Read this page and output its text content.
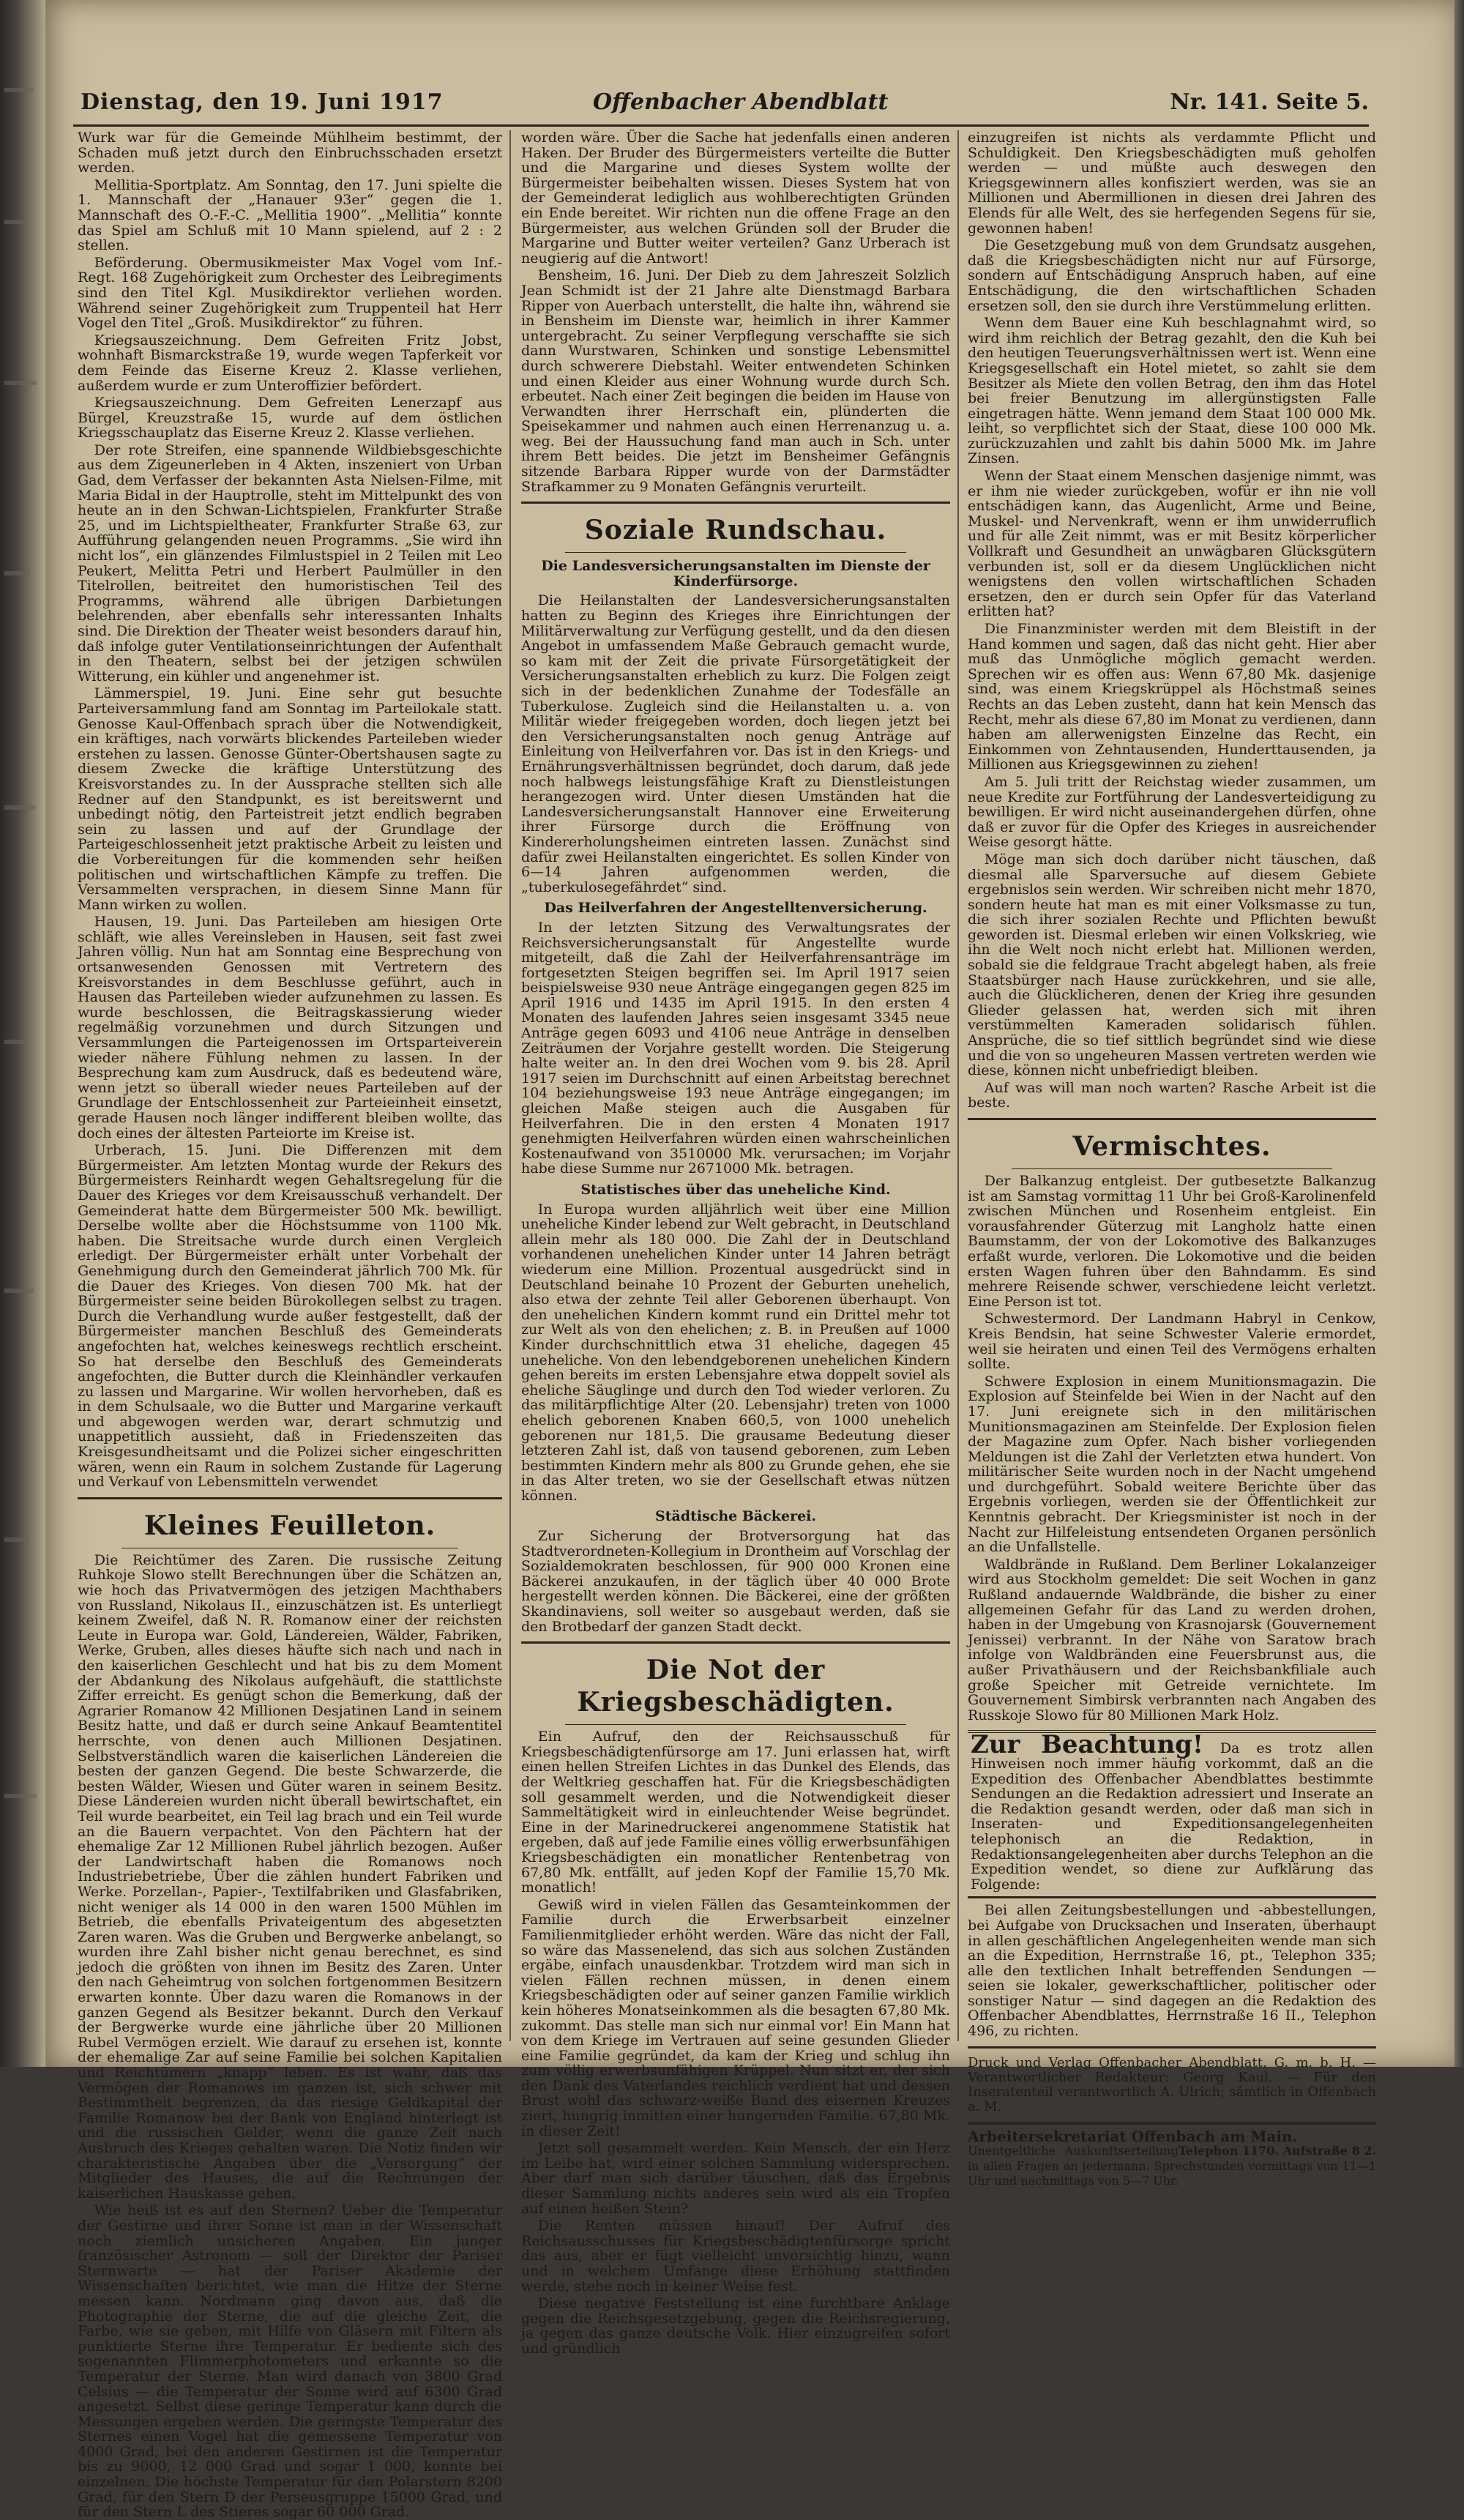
Dienstag, den 19. Juni 1917	Offenbacher Abendblatt	Nr. 141. Seite 5.

Wurk war für die Gemeinde Mühlheim bestimmt, der Schaden muß jetzt durch den Einbruchsschaden ersetzt werden.

Mellitia-Sportplatz. Am Sonntag, den 17. Juni spielte die 1. Mannschaft der „Hanauer 93er“ gegen die 1. Mannschaft des O.-F.-C. „Mellitia 1900“. „Mellitia“ konnte das Spiel am Schluß mit 10 Mann spielend, auf 2 : 2 stellen.

Beförderung. Obermusikmeister Max Vogel vom Inf.-Regt. 168 Zugehörigkeit zum Orchester des Leibregiments sind den Titel Kgl. Musikdirektor verliehen worden. Während seiner Zugehörigkeit zum Truppenteil hat Herr Vogel den Titel „Groß. Musikdirektor“ zu führen.

Kriegsauszeichnung. Dem Gefreiten Fritz Jobst, wohnhaft Bismarckstraße 19, wurde wegen Tapferkeit vor dem Feinde das Eiserne Kreuz 2. Klasse verliehen, außerdem wurde er zum Unteroffizier befördert.

Kriegsauszeichnung. Dem Gefreiten Lenerzapf aus Bürgel, Kreuzstraße 15, wurde auf dem östlichen Kriegsschauplatz das Eiserne Kreuz 2. Klasse verliehen.

Der rote Streifen, eine spannende Wildbiebsgeschichte aus dem Zigeunerleben in 4 Akten, inszeniert von Urban Gad, dem Verfasser der bekannten Asta Nielsen-Filme, mit Maria Bidal in der Hauptrolle, steht im Mittelpunkt des von heute an in den Schwan-Lichtspielen, Frankfurter Straße 25, und im Lichtspieltheater, Frankfurter Straße 63, zur Aufführung gelangenden neuen Programms. „Sie wird ihn nicht los“, ein glänzendes Filmlustspiel in 2 Teilen mit Leo Peukert, Melitta Petri und Herbert Paulmüller in den Titelrollen, beitreitet den humoristischen Teil des Programms, während alle übrigen Darbietungen belehrenden, aber ebenfalls sehr interessanten Inhalts sind. Die Direktion der Theater weist besonders darauf hin, daß infolge guter Ventilationseinrichtungen der Aufenthalt in den Theatern, selbst bei der jetzigen schwülen Witterung, ein kühler und angenehmer ist.

Lämmerspiel, 19. Juni. Eine sehr gut besuchte Parteiversammlung fand am Sonntag im Parteilokale statt. Genosse Kaul-Offenbach sprach über die Notwendigkeit, ein kräftiges, nach vorwärts blickendes Parteileben wieder erstehen zu lassen. Genosse Günter-Obertshausen sagte zu diesem Zwecke die kräftige Unterstützung des Kreisvorstandes zu. In der Aussprache stellten sich alle Redner auf den Standpunkt, es ist bereitswernt und unbedingt nötig, den Parteistreit jetzt endlich begraben sein zu lassen und auf der Grundlage der Parteigeschlossenheit jetzt praktische Arbeit zu leisten und die Vorbereitungen für die kommenden sehr heißen politischen und wirtschaftlichen Kämpfe zu treffen. Die Versammelten versprachen, in diesem Sinne Mann für Mann wirken zu wollen.

Hausen, 19. Juni. Das Parteileben am hiesigen Orte schläft, wie alles Vereinsleben in Hausen, seit fast zwei Jahren völlig. Nun hat am Sonntag eine Besprechung von ortsanwesenden Genossen mit Vertretern des Kreisvorstandes in dem Beschlusse geführt, auch in Hausen das Parteileben wieder aufzunehmen zu lassen. Es wurde beschlossen, die Beitragskassierung wieder regelmäßig vorzunehmen und durch Sitzungen und Versammlungen die Parteigenossen im Ortsparteiverein wieder nähere Fühlung nehmen zu lassen. In der Besprechung kam zum Ausdruck, daß es bedeutend wäre, wenn jetzt so überall wieder neues Parteileben auf der Grundlage der Entschlossenheit zur Parteieinheit einsetzt, gerade Hausen noch länger indifferent bleiben wollte, das doch eines der ältesten Parteiorte im Kreise ist.

Urberach, 15. Juni. Die Differenzen mit dem Bürgermeister. Am letzten Montag wurde der Rekurs des Bürgermeisters Reinhardt wegen Gehaltsregelung für die Dauer des Krieges vor dem Kreisausschuß verhandelt. Der Gemeinderat hatte dem Bürgermeister 500 Mk. bewilligt. Derselbe wollte aber die Höchstsumme von 1100 Mk. haben. Die Streitsache wurde durch einen Vergleich erledigt. Der Bürgermeister erhält unter Vorbehalt der Genehmigung durch den Gemeinderat jährlich 700 Mk. für die Dauer des Krieges. Von diesen 700 Mk. hat der Bürgermeister seine beiden Bürokollegen selbst zu tragen. Durch die Verhandlung wurde außer festgestellt, daß der Bürgermeister manchen Beschluß des Gemeinderats angefochten hat, welches keineswegs rechtlich erscheint. So hat derselbe den Beschluß des Gemeinderats angefochten, die Butter durch die Kleinhändler verkaufen zu lassen und Margarine. Wir wollen hervorheben, daß es in dem Schulsaale, wo die Butter und Margarine verkauft und abgewogen werden war, derart schmutzig und unappetitlich aussieht, daß in Friedenszeiten das Kreisgesundheitsamt und die Polizei sicher eingeschritten wären, wenn ein Raum in solchem Zustande für Lagerung und Verkauf von Lebensmitteln verwendet

Kleines Feuilleton.

Die Reichtümer des Zaren. Die russische Zeitung Ruhkoje Slowo stellt Berechnungen über die Schätzen an, wie hoch das Privatvermögen des jetzigen Machthabers von Russland, Nikolaus II., einzuschätzen ist. Es unterliegt keinem Zweifel, daß N. R. Romanow einer der reichsten Leute in Europa war. Gold, Ländereien, Wälder, Fabriken, Werke, Gruben, alles dieses häufte sich nach und nach in den kaiserlichen Geschlecht und hat bis zu dem Moment der Abdankung des Nikolaus aufgehäuft, die stattlichste Ziffer erreicht. Es genügt schon die Bemerkung, daß der Agrarier Romanow 42 Millionen Desjatinen Land in seinem Besitz hatte, und daß er durch seine Ankauf Beamtentitel herrschte, von denen auch Millionen Desjatinen. Selbstverständlich waren die kaiserlichen Ländereien die besten der ganzen Gegend. Die beste Schwarzerde, die besten Wälder, Wiesen und Güter waren in seinem Besitz. Diese Ländereien wurden nicht überall bewirtschaftet, ein Teil wurde bearbeitet, ein Teil lag brach und ein Teil wurde an die Bauern verpachtet. Von den Pächtern hat der ehemalige Zar 12 Millionen Rubel jährlich bezogen. Außer der Landwirtschaft haben die Romanows noch Industriebetriebe, Über die zählen hundert Fabriken und Werke. Porzellan-, Papier-, Textilfabriken und Glasfabriken, nicht weniger als 14 000 in den waren 1500 Mühlen im Betrieb, die ebenfalls Privateigentum des abgesetzten Zaren waren. Was die Gruben und Bergwerke anbelangt, so wurden ihre Zahl bisher nicht genau berechnet, es sind jedoch die größten von ihnen im Besitz des Zaren. Unter den nach Geheimtrug von solchen fortgenommen Besitzern erwarten konnte. Über dazu waren die Romanows in der ganzen Gegend als Besitzer bekannt. Durch den Verkauf der Bergwerke wurde eine jährliche über 20 Millionen Rubel Vermögen erzielt. Wie darauf zu ersehen ist, konnte der ehemalige Zar auf seine Familie bei solchen Kapitalien und Reichtümern „knapp“ leben. Es ist wahr, daß das Vermögen der Romanows im ganzen ist, sich schwer mit Bestimmtheit begrenzen, da das riesige Geldkapital der Familie Romanow bei der Bank von England hinterlegt ist und die russischen Gelder, wenn die ganze Zeit nach Ausbruch des Krieges gehalten waren. Die Notiz finden wir charakteristische Angaben über die „Versorgung“ der Mitglieder des Hauses, die auf die Rechnungen der kaiserlichen Hauskasse gehen.

Wie heiß ist es auf den Sternen? Ueber die Temperatur der Gestirne und ihrer Sonne ist man in der Wissenschaft noch ziemlich unsicheren Angaben. Ein junger französischer Astronom — soll der Direktor der Pariser Sternwarte — hat der Pariser Akademie der Wissenschaften berichtet, wie man die Hitze der Sterne messen kann. Nordmann ging davon aus, daß die Photographie der Sterne, die auf die gleiche Zeit, die Farbe, wie sie geben, mit Hilfe von Gläsern mit Filtern als punktierte Sterne ihre Temperatur. Er bediente sich des sogenannten Flimmerphotometers und erkannte so die Temperatur der Sterne. Man wird danach von 3800 Grad Celsius — die Temperatur der Sonne wird auf 6300 Grad angesetzt. Selbst diese geringe Temperatur kann durch die Messungen ergeben werden. Die geringste Temperatur des Sternes einen Vogel hat die gemessene Temperatur von 4000 Grad, bei den anderen Gestirnen ist die Temperatur bis zu 9000, 12 000 Grad und sogar 1 000, konnte bei einzelnen. Die höchste Temperatur für den Polarstern 8200 Grad, für den Stern D der Perseusgruppe 15000 Grad, und für den Stern L des Stieres sogar 60 000 Grad.

worden wäre. Über die Sache hat jedenfalls einen anderen Haken. Der Bruder des Bürgermeisters verteilte die Butter und die Margarine und dieses System wollte der Bürgermeister beibehalten wissen. Dieses System hat von der Gemeinderat lediglich aus wohlberechtigten Gründen ein Ende bereitet. Wir richten nun die offene Frage an den Bürgermeister, aus welchen Gründen soll der Bruder die Margarine und Butter weiter verteilen? Ganz Urberach ist neugierig auf die Antwort!

Bensheim, 16. Juni. Der Dieb zu dem Jahreszeit Solzlich Jean Schmidt ist der 21 Jahre alte Dienstmagd Barbara Ripper von Auerbach unterstellt, die halte ihn, während sie in Bensheim im Dienste war, heimlich in ihrer Kammer untergebracht. Zu seiner Verpflegung verschaffte sie sich dann Wurstwaren, Schinken und sonstige Lebensmittel durch schwerere Diebstahl. Weiter entwendeten Schinken und einen Kleider aus einer Wohnung wurde durch Sch. erbeutet. Nach einer Zeit begingen die beiden im Hause von Verwandten ihrer Herrschaft ein, plünderten die Speisekammer und nahmen auch einen Herrenanzug u. a. weg. Bei der Haussuchung fand man auch in Sch. unter ihrem Bett beides. Die jetzt im Bensheimer Gefängnis sitzende Barbara Ripper wurde von der Darmstädter Strafkammer zu 9 Monaten Gefängnis verurteilt.

Soziale Rundschau.
Die Landesversicherungsanstalten im Dienste der Kinderfürsorge.

Die Heilanstalten der Landesversicherungsanstalten hatten zu Beginn des Krieges ihre Einrichtungen der Militärverwaltung zur Verfügung gestellt, und da den diesen Angebot in umfassendem Maße Gebrauch gemacht wurde, so kam mit der Zeit die private Fürsorgetätigkeit der Versicherungsanstalten erheblich zu kurz. Die Folgen zeigt sich in der bedenklichen Zunahme der Todesfälle an Tuberkulose. Zugleich sind die Heilanstalten u. a. von Militär wieder freigegeben worden, doch liegen jetzt bei den Versicherungsanstalten noch genug Anträge auf Einleitung von Heilverfahren vor. Das ist in den Kriegs- und Ernährungsverhältnissen begründet, doch darum, daß jede noch halbwegs leistungsfähige Kraft zu Dienstleistungen herangezogen wird. Unter diesen Umständen hat die Landesversicherungsanstalt Hannover eine Erweiterung ihrer Fürsorge durch die Eröffnung von Kindererholungsheimen eintreten lassen. Zunächst sind dafür zwei Heilanstalten eingerichtet. Es sollen Kinder von 6—14 Jahren aufgenommen werden, die „tuberkulosegefährdet“ sind.

Das Heilverfahren der Angestelltenversicherung.

In der letzten Sitzung des Verwaltungsrates der Reichsversicherungsanstalt für Angestellte wurde mitgeteilt, daß die Zahl der Heilverfahrensanträge im fortgesetzten Steigen begriffen sei. Im April 1917 seien beispielsweise 930 neue Anträge eingegangen gegen 825 im April 1916 und 1435 im April 1915. In den ersten 4 Monaten des laufenden Jahres seien insgesamt 3345 neue Anträge gegen 6093 und 4106 neue Anträge in denselben Zeiträumen der Vorjahre gestellt worden. Die Steigerung halte weiter an. In den drei Wochen vom 9. bis 28. April 1917 seien im Durchschnitt auf einen Arbeitstag berechnet 104 beziehungsweise 193 neue Anträge eingegangen; im gleichen Maße steigen auch die Ausgaben für Heilverfahren. Die in den ersten 4 Monaten 1917 genehmigten Heilverfahren würden einen wahrscheinlichen Kostenaufwand von 3510000 Mk. verursachen; im Vorjahr habe diese Summe nur 2671000 Mk. betragen.

Statistisches über das uneheliche Kind.

In Europa wurden alljährlich weit über eine Million uneheliche Kinder lebend zur Welt gebracht, in Deutschland allein mehr als 180 000. Die Zahl der in Deutschland vorhandenen unehelichen Kinder unter 14 Jahren beträgt wiederum eine Million. Prozentual ausgedrückt sind in Deutschland beinahe 10 Prozent der Geburten unehelich, also etwa der zehnte Teil aller Geborenen überhaupt. Von den unehelichen Kindern kommt rund ein Drittel mehr tot zur Welt als von den ehelichen; z. B. in Preußen auf 1000 Kinder durchschnittlich etwa 31 eheliche, dagegen 45 uneheliche. Von den lebendgeborenen unehelichen Kindern gehen bereits im ersten Lebensjahre etwa doppelt soviel als eheliche Säuglinge und durch den Tod wieder verloren. Zu das militärpflichtige Alter (20. Lebensjahr) treten von 1000 ehelich geborenen Knaben 660,5, von 1000 unehelich geborenen nur 181,5. Die grausame Bedeutung dieser letzteren Zahl ist, daß von tausend geborenen, zum Leben bestimmten Kindern mehr als 800 zu Grunde gehen, ehe sie in das Alter treten, wo sie der Gesellschaft etwas nützen können.

Städtische Bäckerei.

Zur Sicherung der Brotversorgung hat das Stadtverordneten-Kollegium in Drontheim auf Vorschlag der Sozialdemokraten beschlossen, für 900 000 Kronen eine Bäckerei anzukaufen, in der täglich über 40 000 Brote hergestellt werden können. Die Bäckerei, eine der größten Skandinaviens, soll weiter so ausgebaut werden, daß sie den Brotbedarf der ganzen Stadt deckt.

Die Not der Kriegsbeschädigten.

Ein Aufruf, den der Reichsausschuß für Kriegsbeschädigtenfürsorge am 17. Juni erlassen hat, wirft einen hellen Streifen Lichtes in das Dunkel des Elends, das der Weltkrieg geschaffen hat. Für die Kriegsbeschädigten soll gesammelt werden, und die Notwendigkeit dieser Sammeltätigkeit wird in einleuchtender Weise begründet. Eine in der Marinedruckerei angenommene Statistik hat ergeben, daß auf jede Familie eines völlig erwerbsunfähigen Kriegsbeschädigten ein monatlicher Rentenbetrag von 67,80 Mk. entfällt, auf jeden Kopf der Familie 15,70 Mk. monatlich!

Gewiß wird in vielen Fällen das Gesamteinkommen der Familie durch die Erwerbsarbeit einzelner Familienmitglieder erhöht werden. Wäre das nicht der Fall, so wäre das Massenelend, das sich aus solchen Zuständen ergäbe, einfach unausdenkbar. Trotzdem wird man sich in vielen Fällen rechnen müssen, in denen einem Kriegsbeschädigten oder auf seiner ganzen Familie wirklich kein höheres Monatseinkommen als die besagten 67,80 Mk. zukommt. Das stelle man sich nur einmal vor! Ein Mann hat von dem Kriege im Vertrauen auf seine gesunden Glieder eine Familie gegründet, da kam der Krieg und schlug ihn zum völlig erwerbsunfähigen Krüppel. Nun sitzt er, der sich den Dank des Vaterlandes reichlich verdient hat und dessen Brust wohl das schwarz-weiße Band des eisernen Kreuzes ziert, hungrig inmitten einer hungernden Familie. 67,80 Mk. in dieser Zeit!

Jetzt soll gesammelt werden. Kein Mensch, der ein Herz im Leibe hat, wird einer solchen Sammlung widersprechen. Aber darf man sich darüber täuschen, daß das Ergebnis dieser Sammlung nichts anderes sein wird als ein Tropfen auf einen heißen Stein?

Die Renten müssen hinauf! Der Aufruf des Reichsausschusses für Kriegsbeschädigtenfürsorge spricht das aus, aber er fügt vielleicht unvorsichtig hinzu, wann und in welchem Umfange diese Erhöhung stattfinden werde, stehe noch in keiner Weise fest.

Diese negative Feststellung ist eine furchtbare Anklage gegen die Reichsgesetzgebung, gegen die Reichsregierung, ja gegen das ganze deutsche Volk. Hier einzugreifen sofort und gründlich

einzugreifen ist nichts als verdammte Pflicht und Schuldigkeit. Den Kriegsbeschädigten muß geholfen werden — und müßte auch deswegen den Kriegsgewinnern alles konfisziert werden, was sie an Millionen und Abermillionen in diesen drei Jahren des Elends für alle Welt, des sie herfegenden Segens für sie, gewonnen haben!

Die Gesetzgebung muß von dem Grundsatz ausgehen, daß die Kriegsbeschädigten nicht nur auf Fürsorge, sondern auf Entschädigung Anspruch haben, auf eine Entschädigung, die den wirtschaftlichen Schaden ersetzen soll, den sie durch ihre Verstümmelung erlitten.

Wenn dem Bauer eine Kuh beschlagnahmt wird, so wird ihm reichlich der Betrag gezahlt, den die Kuh bei den heutigen Teuerungsverhältnissen wert ist. Wenn eine Kriegsgesellschaft ein Hotel mietet, so zahlt sie dem Besitzer als Miete den vollen Betrag, den ihm das Hotel bei freier Benutzung im allergünstigsten Falle eingetragen hätte. Wenn jemand dem Staat 100 000 Mk. leiht, so verpflichtet sich der Staat, diese 100 000 Mk. zurückzuzahlen und zahlt bis dahin 5000 Mk. im Jahre Zinsen.

Wenn der Staat einem Menschen dasjenige nimmt, was er ihm nie wieder zurückgeben, wofür er ihn nie voll entschädigen kann, das Augenlicht, Arme und Beine, Muskel- und Nervenkraft, wenn er ihm unwiderruflich und für alle Zeit nimmt, was er mit Besitz körperlicher Vollkraft und Gesundheit an unwägbaren Glücksgütern verbunden ist, soll er da diesem Unglücklichen nicht wenigstens den vollen wirtschaftlichen Schaden ersetzen, den er durch sein Opfer für das Vaterland erlitten hat?

Die Finanzminister werden mit dem Bleistift in der Hand kommen und sagen, daß das nicht geht. Hier aber muß das Unmögliche möglich gemacht werden. Sprechen wir es offen aus: Wenn 67,80 Mk. dasjenige sind, was einem Kriegskrüppel als Höchstmaß seines Rechts an das Leben zusteht, dann hat kein Mensch das Recht, mehr als diese 67,80 im Monat zu verdienen, dann haben am allerwenigsten Einzelne das Recht, ein Einkommen von Zehntausenden, Hunderttausenden, ja Millionen aus Kriegsgewinnen zu ziehen!

Am 5. Juli tritt der Reichstag wieder zusammen, um neue Kredite zur Fortführung der Landesverteidigung zu bewilligen. Er wird nicht auseinandergehen dürfen, ohne daß er zuvor für die Opfer des Krieges in ausreichender Weise gesorgt hätte.

Möge man sich doch darüber nicht täuschen, daß diesmal alle Sparversuche auf diesem Gebiete ergebnislos sein werden. Wir schreiben nicht mehr 1870, sondern heute hat man es mit einer Volksmasse zu tun, die sich ihrer sozialen Rechte und Pflichten bewußt geworden ist. Diesmal erleben wir einen Volkskrieg, wie ihn die Welt noch nicht erlebt hat. Millionen werden, sobald sie die feldgraue Tracht abgelegt haben, als freie Staatsbürger nach Hause zurückkehren, und sie alle, auch die Glücklicheren, denen der Krieg ihre gesunden Glieder gelassen hat, werden sich mit ihren verstümmelten Kameraden solidarisch fühlen. Ansprüche, die so tief sittlich begründet sind wie diese und die von so ungeheuren Massen vertreten werden wie diese, können nicht unbefriedigt bleiben.

Auf was will man noch warten? Rasche Arbeit ist die beste.

Vermischtes.

Der Balkanzug entgleist. Der gutbesetzte Balkanzug ist am Samstag vormittag 11 Uhr bei Groß-Karolinenfeld zwischen München und Rosenheim entgleist. Ein vorausfahrender Güterzug mit Langholz hatte einen Baumstamm, der von der Lokomotive des Balkanzuges erfaßt wurde, verloren. Die Lokomotive und die beiden ersten Wagen fuhren über den Bahndamm. Es sind mehrere Reisende schwer, verschiedene leicht verletzt. Eine Person ist tot.

Schwestermord. Der Landmann Habryl in Cenkow, Kreis Bendsin, hat seine Schwester Valerie ermordet, weil sie heiraten und einen Teil des Vermögens erhalten sollte.

Schwere Explosion in einem Munitionsmagazin. Die Explosion auf Steinfelde bei Wien in der Nacht auf den 17. Juni ereignete sich in den militärischen Munitionsmagazinen am Steinfelde. Der Explosion fielen der Magazine zum Opfer. Nach bisher vorliegenden Meldungen ist die Zahl der Verletzten etwa hundert. Von militärischer Seite wurden noch in der Nacht umgehend und durchgeführt. Sobald weitere Berichte über das Ergebnis vorliegen, werden sie der Öffentlichkeit zur Kenntnis gebracht. Der Kriegsminister ist noch in der Nacht zur Hilfeleistung entsendeten Organen persönlich an die Unfallstelle.

Waldbrände in Rußland. Dem Berliner Lokalanzeiger wird aus Stockholm gemeldet: Die seit Wochen in ganz Rußland andauernde Waldbrände, die bisher zu einer allgemeinen Gefahr für das Land zu werden drohen, haben in der Umgebung von Krasnojarsk (Gouvernement Jenissei) verbrannt. In der Nähe von Saratow brach infolge von Waldbränden eine Feuersbrunst aus, die außer Privathäusern und der Reichsbankfiliale auch große Speicher mit Getreide vernichtete. Im Gouvernement Simbirsk verbrannten nach Angaben des Russkoje Slowo für 80 Millionen Mark Holz.

Zur Beachtung! Da es trotz allen Hinweisen noch immer häufig vorkommt, daß an die Expedition des Offenbacher Abendblattes bestimmte Sendungen an die Redaktion adressiert und Inserate an die Redaktion gesandt werden, oder daß man sich in Inseraten- und Expeditionsangelegenheiten telephonisch an die Redaktion, in Redaktionsangelegenheiten aber durchs Telephon an die Expedition wendet, so diene zur Aufklärung das Folgende:

Bei allen Zeitungsbestellungen und -abbestellungen, bei Aufgabe von Drucksachen und Inseraten, überhaupt in allen geschäftlichen Angelegenheiten wende man sich an die Expedition, Herrnstraße 16, pt., Telephon 335; alle den textlichen Inhalt betreffenden Sendungen — seien sie lokaler, gewerkschaftlicher, politischer oder sonstiger Natur — sind dagegen an die Redaktion des Offenbacher Abendblattes, Herrnstraße 16 II., Telephon 496, zu richten.

Druck und Verlag Offenbacher Abendblatt, G. m. b. H. — Verantwortlicher Redakteur: Georg Kaul. — Für den Inseratenteil verantwortlich A. Ulrich; sämtlich in Offenbach a. M.
Arbeitersekretariat Offenbach am Main.
Telephon 1170. Aufstraße 8 2.
Unentgeltliche Auskunftserteilung in allen Fragen an jedermann. Sprechstunden vormittags von 11—1 Uhr und nachmittags von 5—7 Uhr.
